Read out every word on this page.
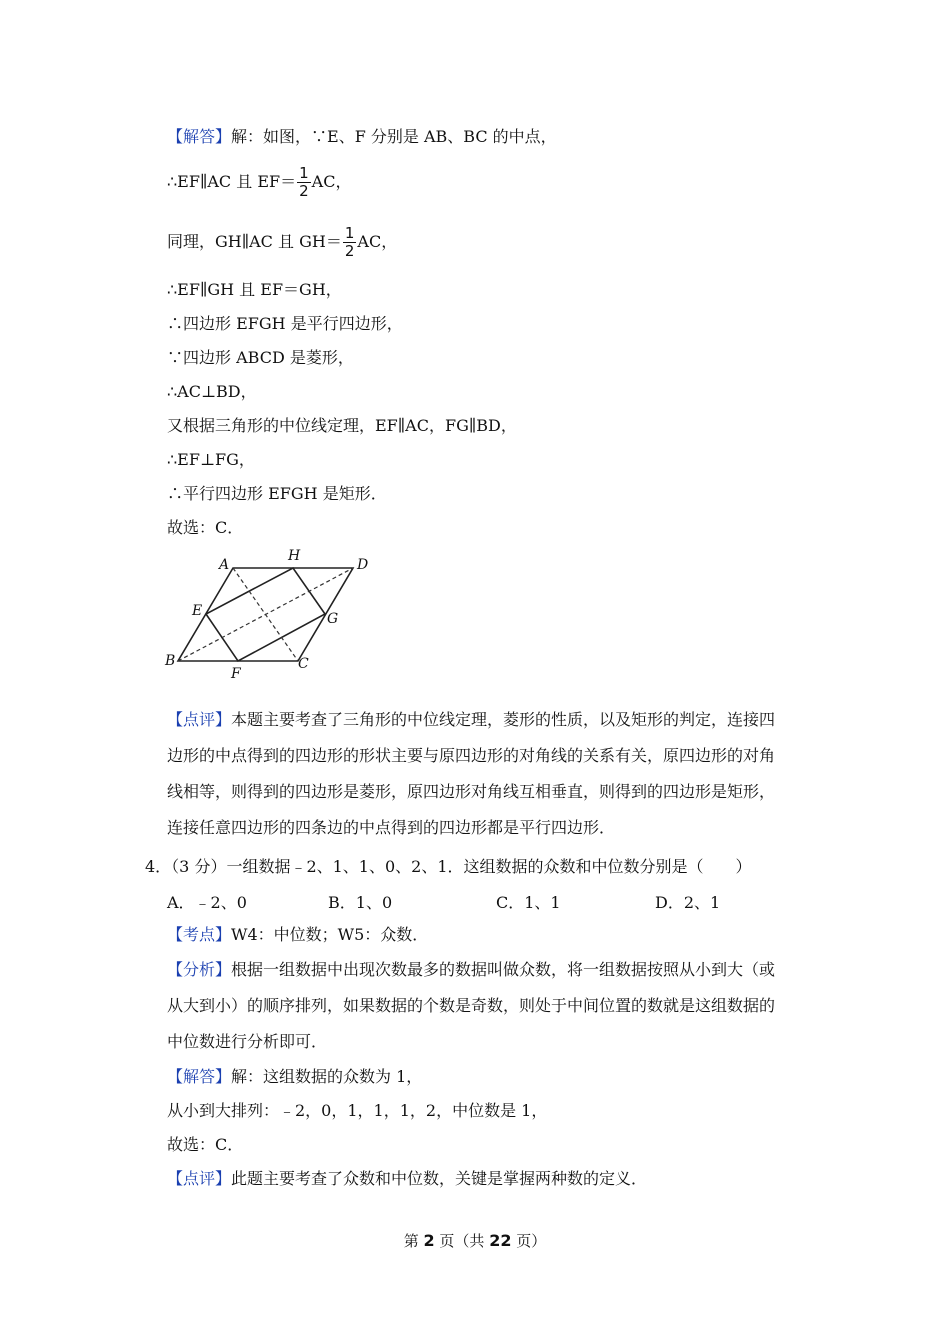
【解答】解：如图，∵E、F 分别是 AB、BC 的中点，
∴EF∥AC 且 $EF= \frac{1}{2}$ AC，
同理，GH∥AC 且 $GH= \frac{1}{2}$ AC，
∴EF∥GH 且 EF＝GH，
∴四边形 EFGH 是平行四边形，
∵四边形 ABCD 是菱形，
∴AC⊥BD，
又根据三角形的中位线定理，EF∥AC，FG∥BD，
∴EF⊥FG，
∴平行四边形 EFGH 是矩形．
故选：C．
A
H
D
E	G
B
F
C
【点评】本题主要考查了三角形的中位线定理，菱形的性质，以及矩形的判定，连接四
边形的中点得到的四边形的形状主要与原四边形的对角线的关系有关，原四边形的对角
线相等，则得到的四边形是菱形，原四边形对角线互相垂直，则得到的四边形是矩形，
连接任意四边形的四条边的中点得到的四边形都是平行四边形．
4．（3 分）一组数据﹣2、1、1、0、2、1．这组数据的众数和中位数分别是（　　）
A．﹣2、0	B．1、0	C．1、1	D．2、1
【考点】W4：中位数；W5：众数．
【分析】根据一组数据中出现次数最多的数据叫做众数，将一组数据按照从小到大（或
从大到小）的顺序排列，如果数据的个数是奇数，则处于中间位置的数就是这组数据的
中位数进行分析即可．
【解答】解：这组数据的众数为 1，
从小到大排列：﹣2，0，1，1，1，2，中位数是 1，
故选：C．
【点评】此题主要考查了众数和中位数，关键是掌握两种数的定义．
第 2 页（共 22 页）
